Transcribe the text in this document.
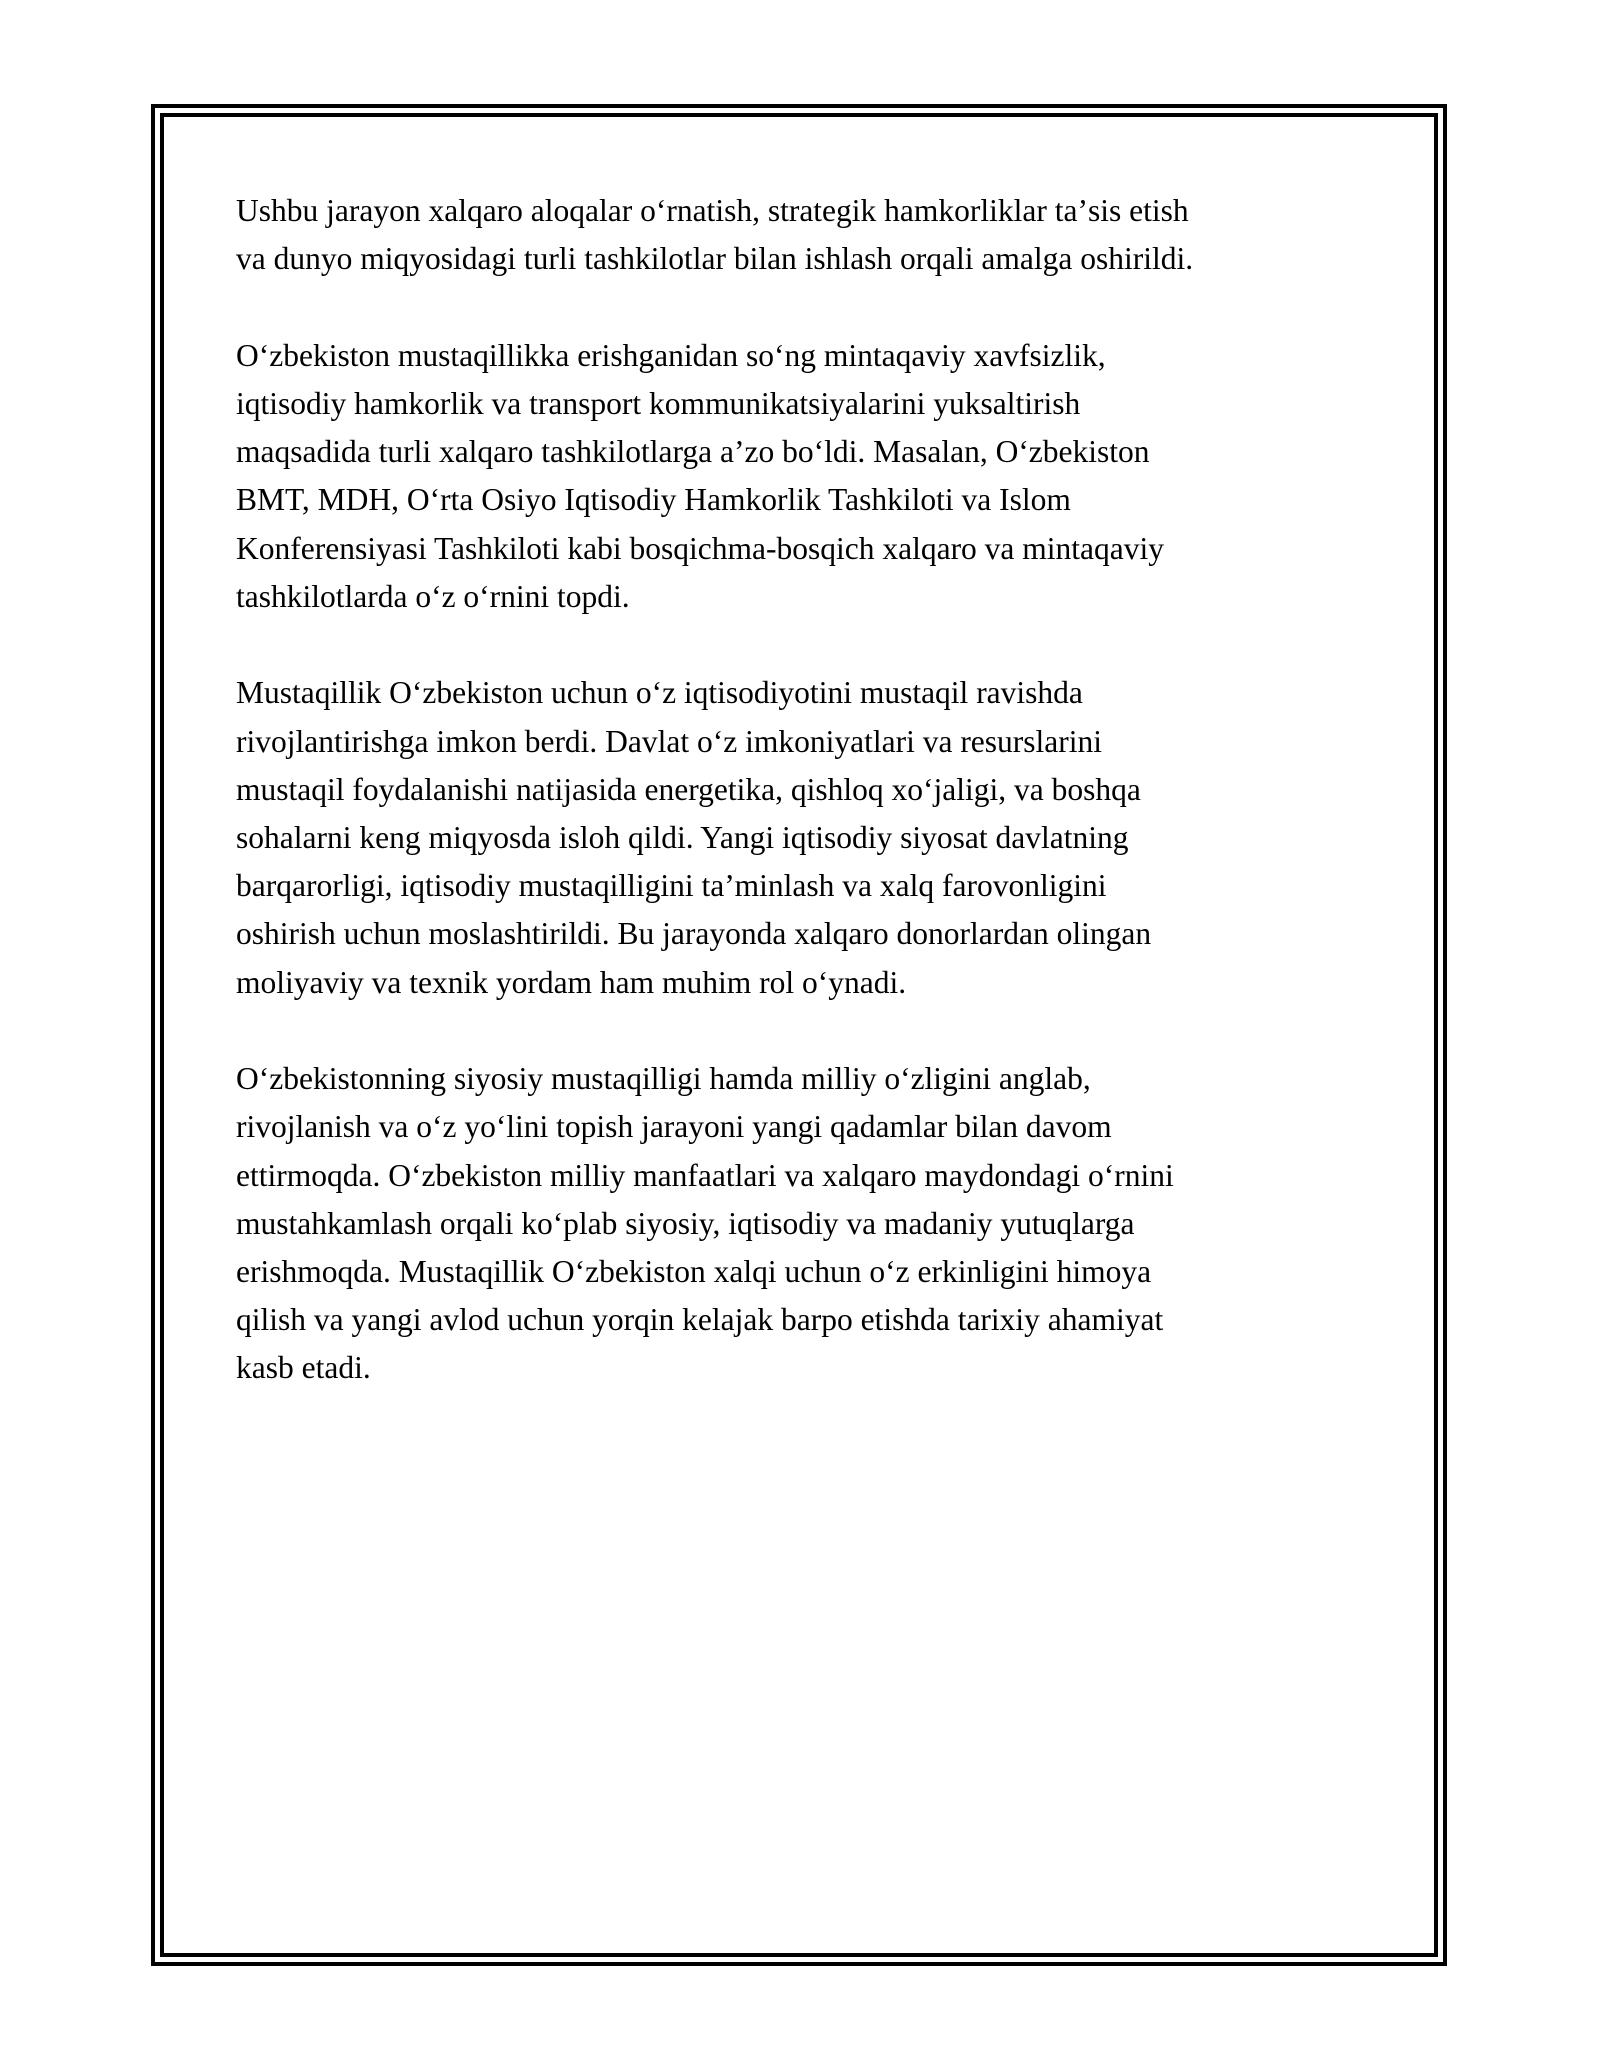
Ushbu jarayon xalqaro aloqalar oʻrnatish, strategik hamkorliklar taʼsis etish
va dunyo miqyosidagi turli tashkilotlar bilan ishlash orqali amalga oshirildi.

Oʻzbekiston mustaqillikka erishganidan soʻng mintaqaviy xavfsizlik,
iqtisodiy hamkorlik va transport kommunikatsiyalarini yuksaltirish
maqsadida turli xalqaro tashkilotlarga aʼzo boʻldi. Masalan, Oʻzbekiston
BMT, MDH, Oʻrta Osiyo Iqtisodiy Hamkorlik Tashkiloti va Islom
Konferensiyasi Tashkiloti kabi bosqichma-bosqich xalqaro va mintaqaviy
tashkilotlarda oʻz oʻrnini topdi.

Mustaqillik Oʻzbekiston uchun oʻz iqtisodiyotini mustaqil ravishda
rivojlantirishga imkon berdi. Davlat oʻz imkoniyatlari va resurslarini
mustaqil foydalanishi natijasida energetika, qishloq xoʻjaligi, va boshqa
sohalarni keng miqyosda isloh qildi. Yangi iqtisodiy siyosat davlatning
barqarorligi, iqtisodiy mustaqilligini taʼminlash va xalq farovonligini
oshirish uchun moslashtirildi. Bu jarayonda xalqaro donorlardan olingan
moliyaviy va texnik yordam ham muhim rol oʻynadi.

Oʻzbekistonning siyosiy mustaqilligi hamda milliy oʻzligini anglab,
rivojlanish va oʻz yoʻlini topish jarayoni yangi qadamlar bilan davom
ettirmoqda. Oʻzbekiston milliy manfaatlari va xalqaro maydondagi oʻrnini
mustahkamlash orqali koʻplab siyosiy, iqtisodiy va madaniy yutuqlarga
erishmoqda. Mustaqillik Oʻzbekiston xalqi uchun oʻz erkinligini himoya
qilish va yangi avlod uchun yorqin kelajak barpo etishda tarixiy ahamiyat
kasb etadi.
